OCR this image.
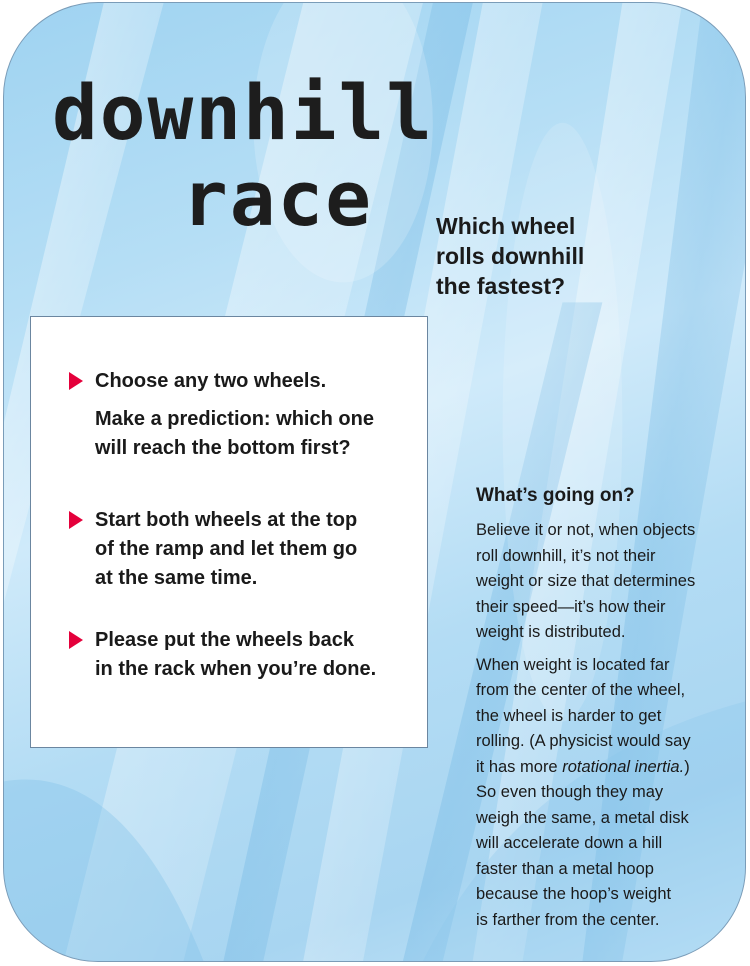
downhill
race	Which wheel
rolls downhill
the fastest?
Choose any two wheels.
Make a prediction: which one
will reach the bottom first?
Start both wheels at the top
of the ramp and let them go
at the same time.
Please put the wheels back
in the rack when you’re done.
What’s going on?
Believe it or not, when objects
roll downhill, it’s not their
weight or size that determines
their speed—it’s how their
weight is distributed.
When weight is located far
from the center of the wheel,
the wheel is harder to get
rolling. (A physicist would say
it has more rotational inertia.)
So even though they may
weigh the same, a metal disk
will accelerate down a hill
faster than a metal hoop
because the hoop’s weight
is farther from the center.
